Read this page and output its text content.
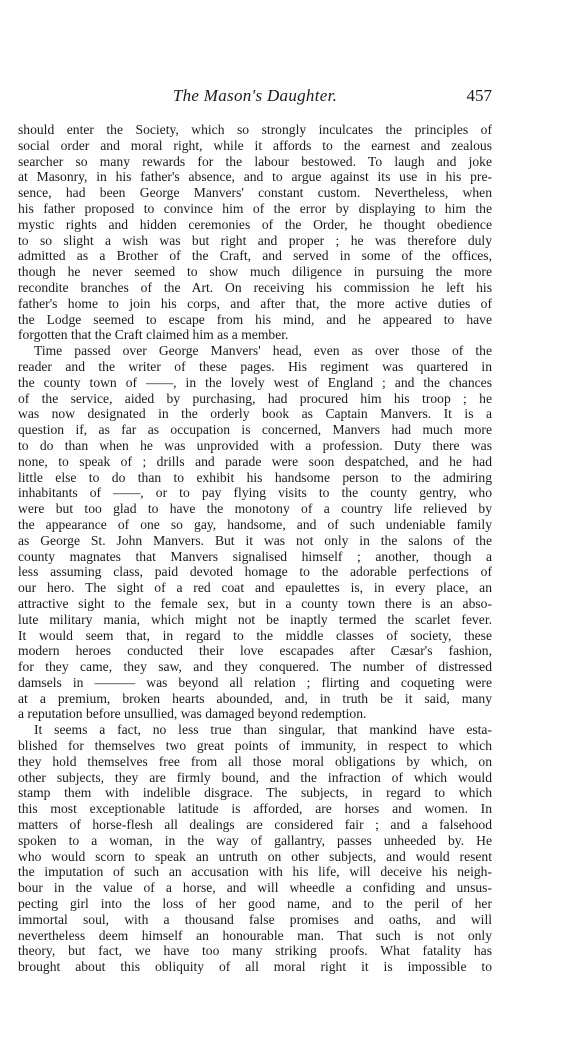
The Mason's Daughter.	457
should enter the Society, which so strongly inculcates the principles of
social order and moral right, while it affords to the earnest and zealous
searcher so many rewards for the labour bestowed. To laugh and joke
at Masonry, in his father's absence, and to argue against its use in his pre-
sence, had been George Manvers' constant custom. Nevertheless, when
his father proposed to convince him of the error by displaying to him the
mystic rights and hidden ceremonies of the Order, he thought obedience
to so slight a wish was but right and proper ; he was therefore duly
admitted as a Brother of the Craft, and served in some of the offices,
though he never seemed to show much diligence in pursuing the more
recondite branches of the Art. On receiving his commission he left his
father's home to join his corps, and after that, the more active duties of
the Lodge seemed to escape from his mind, and he appeared to have
forgotten that the Craft claimed him as a member.
Time passed over George Manvers' head, even as over those of the
reader and the writer of these pages. His regiment was quartered in
the county town of ——, in the lovely west of England ; and the chances
of the service, aided by purchasing, had procured him his troop ; he
was now designated in the orderly book as Captain Manvers. It is a
question if, as far as occupation is concerned, Manvers had much more
to do than when he was unprovided with a profession. Duty there was
none, to speak of ; drills and parade were soon despatched, and he had
little else to do than to exhibit his handsome person to the admiring
inhabitants of ——, or to pay flying visits to the county gentry, who
were but too glad to have the monotony of a country life relieved by
the appearance of one so gay, handsome, and of such undeniable family
as George St. John Manvers. But it was not only in the salons of the
county magnates that Manvers signalised himself ; another, though a
less assuming class, paid devoted homage to the adorable perfections of
our hero. The sight of a red coat and epaulettes is, in every place, an
attractive sight to the female sex, but in a county town there is an abso-
lute military mania, which might not be inaptly termed the scarlet fever.
It would seem that, in regard to the middle classes of society, these
modern heroes conducted their love escapades after Cæsar's fashion,
for they came, they saw, and they conquered. The number of distressed
damsels in ——— was beyond all relation ; flirting and coqueting were
at a premium, broken hearts abounded, and, in truth be it said, many
a reputation before unsullied, was damaged beyond redemption.
It seems a fact, no less true than singular, that mankind have esta-
blished for themselves two great points of immunity, in respect to which
they hold themselves free from all those moral obligations by which, on
other subjects, they are firmly bound, and the infraction of which would
stamp them with indelible disgrace. The subjects, in regard to which
this most exceptionable latitude is afforded, are horses and women. In
matters of horse-flesh all dealings are considered fair ; and a falsehood
spoken to a woman, in the way of gallantry, passes unheeded by. He
who would scorn to speak an untruth on other subjects, and would resent
the imputation of such an accusation with his life, will deceive his neigh-
bour in the value of a horse, and will wheedle a confiding and unsus-
pecting girl into the loss of her good name, and to the peril of her
immortal soul, with a thousand false promises and oaths, and will
nevertheless deem himself an honourable man. That such is not only
theory, but fact, we have too many striking proofs. What fatality has
brought about this obliquity of all moral right it is impossible to
